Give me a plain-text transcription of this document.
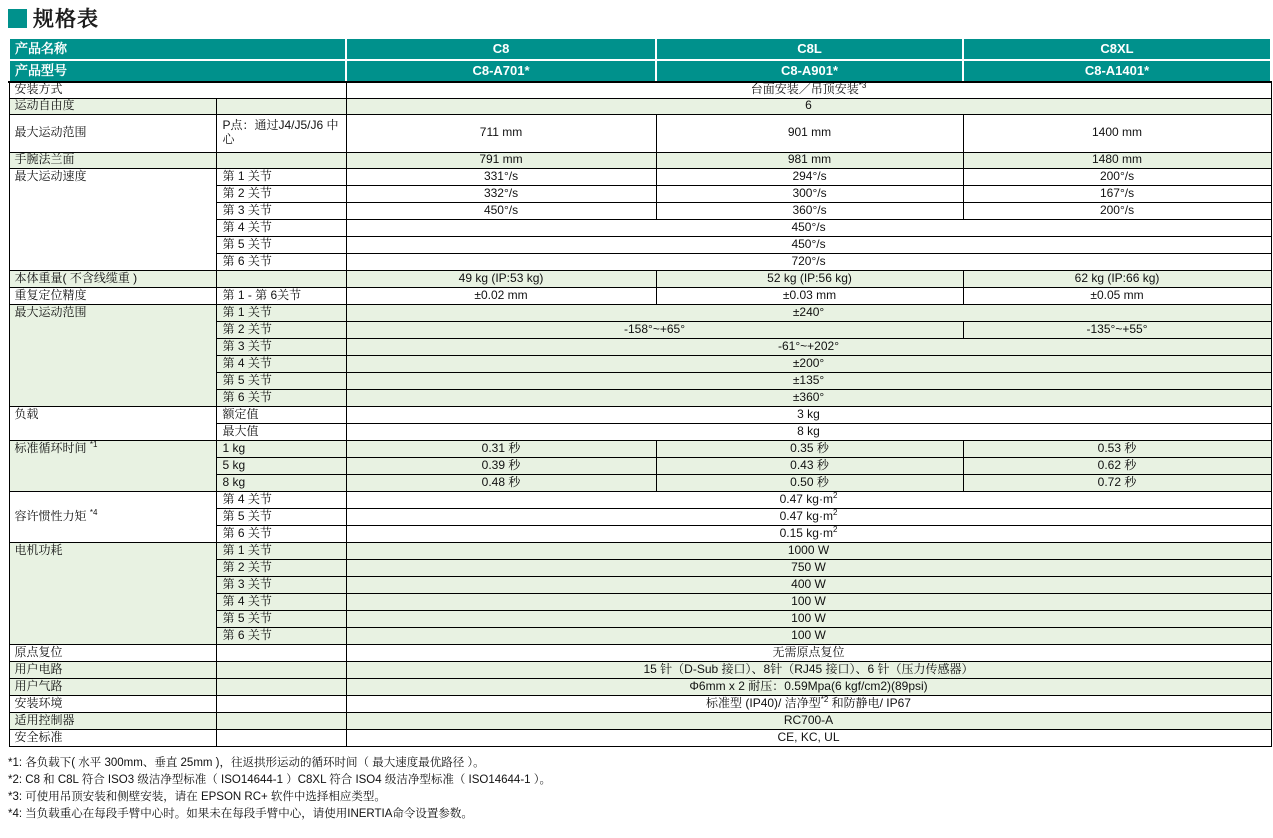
规格表
产品名称		C8	C8L	C8XL
产品型号		C8-A701*	C8-A901*	C8-A1401*
安装方式		台面安装／吊顶安装$^{*3}$
运动自由度		6		
最大运动范围	P点：通过J4/J5/J6 中心	711 mm	901 mm	1400 mm
手腕法兰面		791 mm	981 mm	1480 mm
最大运动速度	第 1 关节	331°/s	294°/s	200°/s
	第 2 关节	332°/s	300°/s	167°/s
	第 3 关节	450°/s	360°/s	200°/s
	第 4 关节	450°/s		
	第 5 关节	450°/s		
	第 6 关节	720°/s		
本体重量( 不含线缆重 )		49 kg (IP:53 kg)	52 kg (IP:56 kg)	62 kg (IP:66 kg)
重复定位精度	第 1 - 第 6关节	±0.02 mm	±0.03 mm	±0.05 mm
最大运动范围	第 1 关节	±240°		
	第 2 关节	-158°~+65°		-135°~+55°
	第 3 关节	-61°~+202°		
	第 4 关节	±200°		
	第 5 关节	±135°		
	第 6 关节	±360°		
负载	额定值	3 kg		
	最大值	8 kg		
标准循环时间 $^{*1}$	1 kg	0.31 秒	0.35 秒	0.53 秒
	5 kg	0.39 秒	0.43 秒	0.62 秒
	8 kg	0.48 秒	0.50 秒	0.72 秒
容许惯性力矩 $^{*4}$	第 4 关节	0.47 $kg\cdot m^2$
	第 5 关节	0.47 $kg\cdot m^2$
	第 6 关节	0.15 $kg\cdot m^2$
电机功耗	第 1 关节	1000 W		
	第 2 关节	750 W		
	第 3 关节	400 W		
	第 4 关节	100 W		
	第 5 关节	100 W		
	第 6 关节	100 W		
原点复位		无需原点复位		
用户电路		15 针（D-Sub 接口）、8针（RJ45 接口）、6 针（压力传感器）		
用户气路		Φ6mm x 2 耐压：0.59Mpa(6 kgf/cm2)(89psi)		
安装环境		标准型 (IP40)/ 洁净型$^{*2}$ 和防静电/ IP67		
适用控制器		RC700-A		
安全标准		CE, KC, UL		
*1: 各负载下( 水平 300mm、垂直 25mm )，往返拱形运动的循环时间（ 最大速度最优路径 ）。
*2: C8 和 C8L 符合 ISO3 级洁净型标准（ ISO14644-1 ）C8XL 符合 ISO4 级洁净型标准（ ISO14644-1 ）。
*3: 可使用吊顶安装和侧壁安装，请在 EPSON RC+ 软件中选择相应类型。
*4: 当负载重心在每段手臂中心时。如果未在每段手臂中心，请使用INERTIA命令设置参数。
